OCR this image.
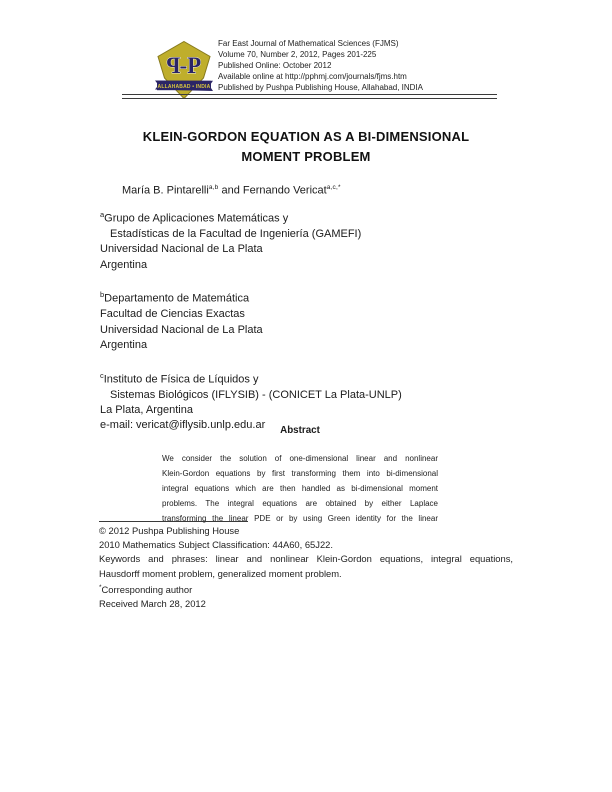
P -P
ALLAHABAD • INDIA
Far East Journal of Mathematical Sciences (FJMS)
Volume 70, Number 2, 2012, Pages 201-225
Published Online: October 2012
Available online at http://pphmj.com/journals/fjms.htm
Published by Pushpa Publishing House, Allahabad, INDIA
KLEIN-GORDON EQUATION AS A BI-DIMENSIONAL
MOMENT PROBLEM
María B. Pintarelli$^{a,b}$ and Fernando Vericat$^{a,c,*}$
$^a$Grupo de Aplicaciones Matemáticas y
Estadísticas de la Facultad de Ingeniería (GAMEFI)
Universidad Nacional de La Plata
Argentina
$^b$Departamento de Matemática
Facultad de Ciencias Exactas
Universidad Nacional de La Plata
Argentina
$^c$Instituto de Física de Líquidos y
Sistemas Biológicos (IFLYSIB) - (CONICET La Plata-UNLP)
La Plata, Argentina
e-mail: vericat@iflysib.unlp.edu.ar	Abstract
We consider the solution of one-dimensional linear and nonlinear
Klein-Gordon equations by first transforming them into bi-dimensional
integral equations which are then handled as bi-dimensional moment
problems. The integral equations are obtained by either Laplace
transforming the linear PDE or by using Green identity for the linear
© 2012 Pushpa Publishing House
2010 Mathematics Subject Classification: 44A60, 65J22.
Keywords and phrases: linear and nonlinear Klein-Gordon equations, integral equations,
Hausdorff moment problem, generalized moment problem.
*Corresponding author
Received March 28, 2012
